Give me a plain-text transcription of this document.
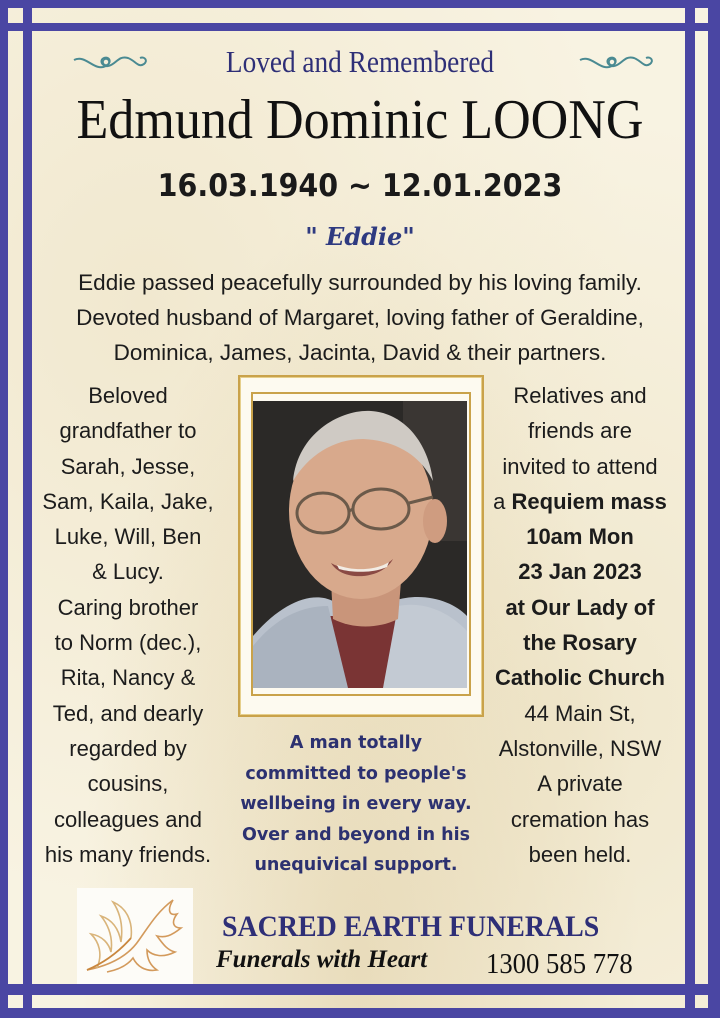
Loved and Remembered
Edmund Dominic LOONG
16.03.1940 ~ 12.01.2023
" Eddie"
Eddie passed peacefully surrounded by his loving family.
Devoted husband of Margaret, loving father of Geraldine,
Dominica, James, Jacinta, David & their partners.
Beloved
grandfather to
Sarah, Jesse,
Sam, Kaila, Jake,
Luke, Will, Ben
& Lucy.
Caring brother
to Norm (dec.),
Rita, Nancy &
Ted, and dearly
regarded by
cousins,
colleagues and
his many friends.
Relatives and
friends are
invited to attend
a Requiem mass
10am Mon
23 Jan 2023
at Our Lady of
the Rosary
Catholic Church
44 Main St,
Alstonville, NSW
A private
cremation has
been held.
A man totally
committed to people's
wellbeing in every way.
Over and beyond in his
unequivical support.
SACRED EARTH FUNERALS
Funerals with Heart 1300 585 778
